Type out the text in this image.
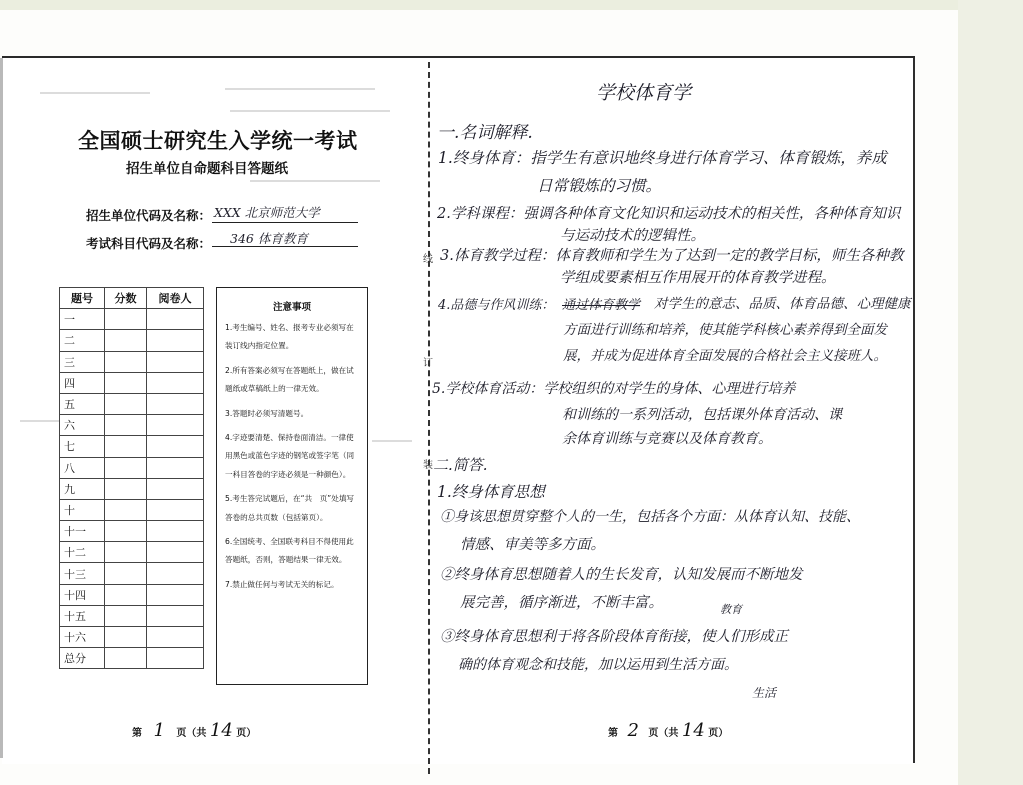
线
订
装
全国硕士研究生入学统一考试
招生单位自命题科目答题纸
招生单位代码及名称： XXX 北京师范大学
考试科目代码及名称： 346 体育教育
题号	分数	阅卷人
一		
二		
三		
四		
五		
六		
七		
八		
九		
十		
十一		
十二		
十三		
十四		
十五		
十六		
总分		
注意事项
1.考生编号、姓名、报考专业必须写在装订线内指定位置。
2.所有答案必须写在答题纸上，做在试题纸或草稿纸上的一律无效。
3.答题时必须写清题号。
4.字迹要清楚、保持卷面清洁。一律使用黑色或蓝色字迹的钢笔或签字笔（同一科目答卷的字迹必须是一种颜色）。
5.考生答完试题后，在“共　页”处填写答卷的总共页数（包括第页）。
6.全国统考、全国联考科目不得使用此答题纸，否则，答题结果一律无效。
7.禁止做任何与考试无关的标记。
第 1 页（共 14 页）
学校体育学
一.名词解释.
1.终身体育：指学生有意识地终身进行体育学习、体育锻炼，养成
日常锻炼的习惯。
2.学科课程：强调各种体育文化知识和运动技术的相关性，各种体育知识
与运动技术的逻辑性。
3.体育教学过程：体育教师和学生为了达到一定的教学目标，师生各种教
学组成要素相互作用展开的体育教学进程。
4.品德与作风训练： 通过体育教学 对学生的意志、品质、体育品德、心理健康
方面进行训练和培养，使其能学科核心素养得到全面发
展，并成为促进体育全面发展的合格社会主义接班人。
5.学校体育活动：学校组织的对学生的身体、心理进行培养
和训练的一系列活动，包括课外体育活动、课
余体育训练与竞赛以及体育教育。
二.简答.
1.终身体育思想
①身该思想贯穿整个人的一生，包括各个方面：从体育认知、技能、
情感、审美等多方面。
②终身体育思想随着人的生长发育，认知发展而不断地发
展完善，循序渐进，不断丰富。	教育
③终身体育思想利于将各阶段体育衔接，使人们形成正
确的体育观念和技能，加以运用到生活方面。
生活
第 2 页（共 14 页）
